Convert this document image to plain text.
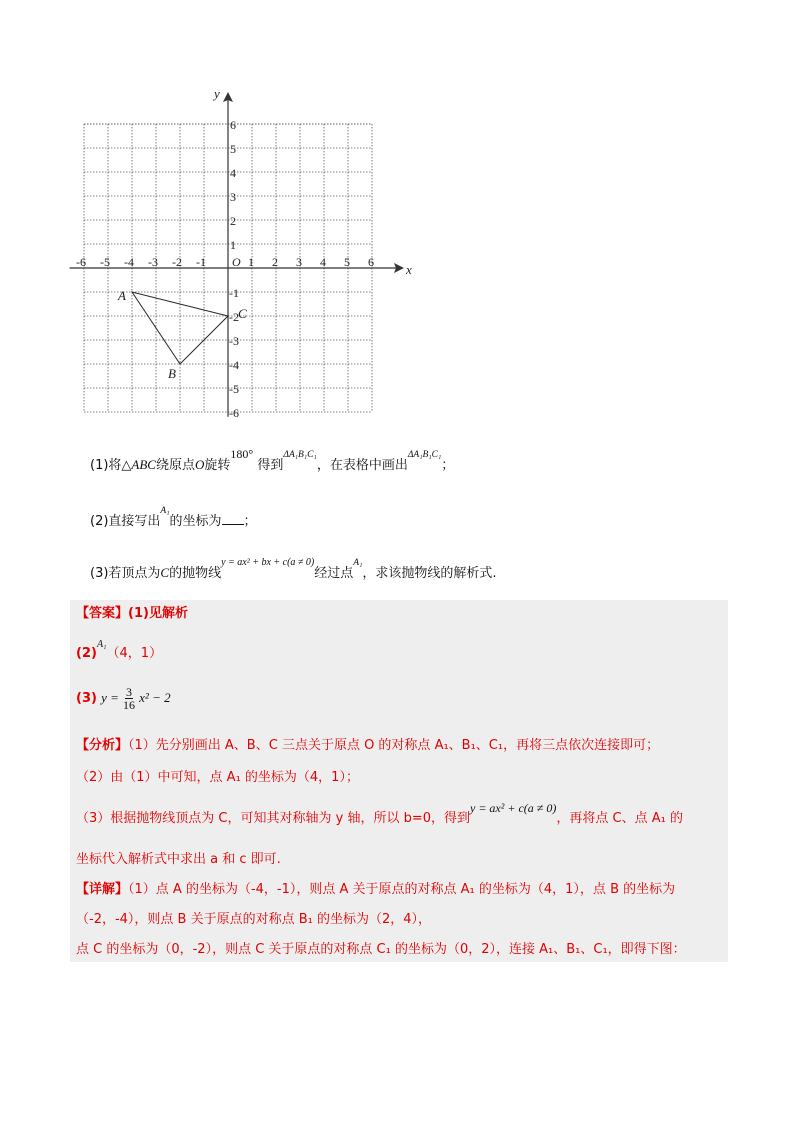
x
y
O
-6 -5 -4 -3 -2 -1	1 2 3 4 5 6
6
5
4
3
2
1
-1
-2
-3
-4
-5
-6
A
B
C
(1)将△ABC绕原点O旋转180° 得到$^{\Delta A_1B_1C_1}$，在表格中画出$^{\Delta A_1B_1C_1}$；
(2)直接写出$^{A_1}$的坐标为 ；
(3)若顶点为C的抛物线$^{y = ax^2 + bx + c(a \ne 0)}$经过点$^{A_1}$，求该抛物线的解析式.
【答案】(1)见解析
$(2)^{A_1}(4$，1）
(3) $y = \frac{3}{16} x^2 - 2$
【分析】（1）先分别画出 A、B、C 三点关于原点 O 的对称点 A₁、B₁、C₁，再将三点依次连接即可；
（2）由（1）中可知，点 A₁ 的坐标为（4，1）；
（3）根据抛物线顶点为 C，可知其对称轴为 y 轴，所以 b=0，得到y = ax² + c(a ≠ 0)，再将点 C、点 A₁ 的
坐标代入解析式中求出 a 和 c 即可.
【详解】（1）点 A 的坐标为（-4，-1），则点 A 关于原点的对称点 A₁ 的坐标为（4，1），点 B 的坐标为
（-2，-4），则点 B 关于原点的对称点 B₁ 的坐标为（2，4），
点 C 的坐标为（0，-2），则点 C 关于原点的对称点 C₁ 的坐标为（0，2），连接 A₁、B₁、C₁，即得下图：
